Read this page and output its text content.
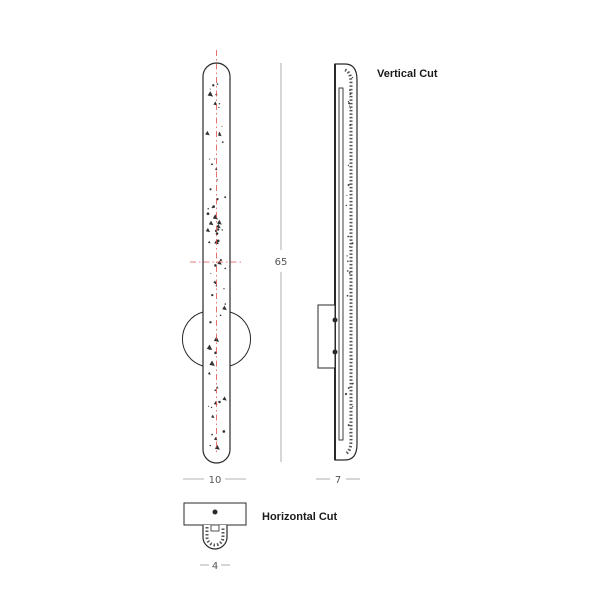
65
10
Vertical Cut
7
Horizontal Cut
4
